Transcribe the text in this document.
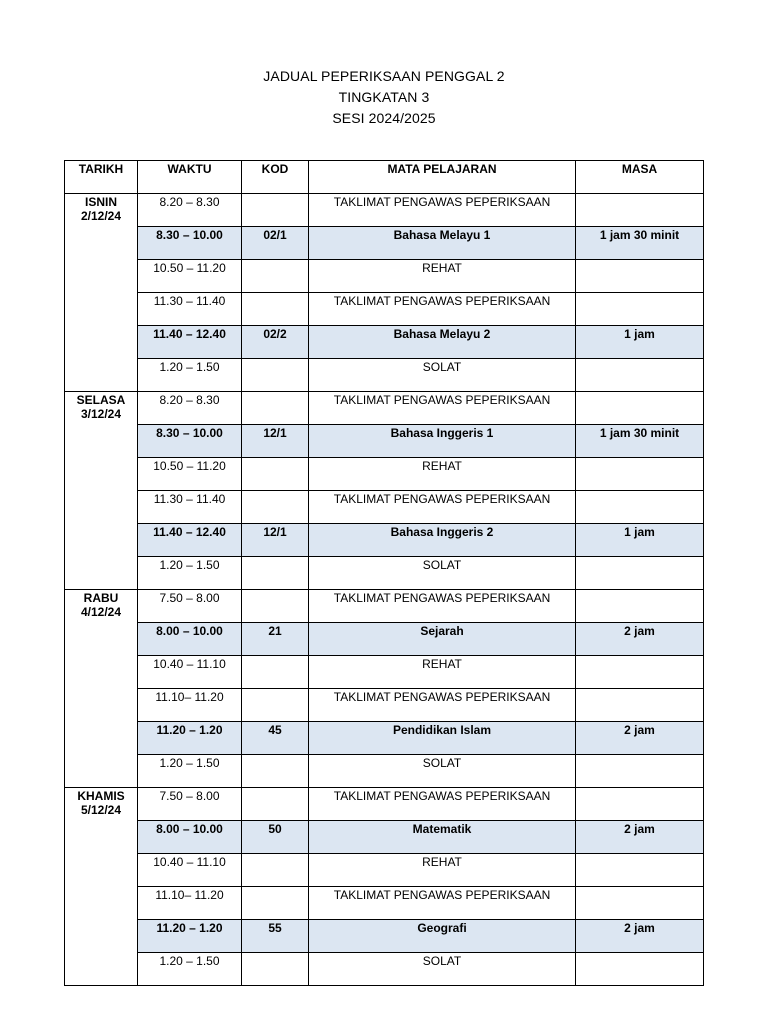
JADUAL PEPERIKSAAN PENGGAL 2
TINGKATAN 3
SESI 2024/2025
TARIKH	WAKTU	KOD	MATA PELAJARAN	MASA

ISNIN
2/12/24	8.20 – 8.30		TAKLIMAT PENGAWAS PEPERIKSAAN	
	8.30 – 10.00	02/1	Bahasa Melayu 1	1 jam 30 minit
	10.50 – 11.20		REHAT	
	11.30 – 11.40		TAKLIMAT PENGAWAS PEPERIKSAAN	
	11.40 – 12.40	02/2	Bahasa Melayu 2	1 jam
	1.20 – 1.50		SOLAT	

SELASA
3/12/24	8.20 – 8.30		TAKLIMAT PENGAWAS PEPERIKSAAN	
	8.30 – 10.00	12/1	Bahasa Inggeris 1	1 jam 30 minit
	10.50 – 11.20		REHAT	
	11.30 – 11.40		TAKLIMAT PENGAWAS PEPERIKSAAN	
	11.40 – 12.40	12/1	Bahasa Inggeris 2	1 jam
	1.20 – 1.50		SOLAT	

RABU
4/12/24	7.50 – 8.00		TAKLIMAT PENGAWAS PEPERIKSAAN	
	8.00 – 10.00	21	Sejarah	2 jam
	10.40 – 11.10		REHAT	
	11.10– 11.20		TAKLIMAT PENGAWAS PEPERIKSAAN	
	11.20 – 1.20	45	Pendidikan Islam	2 jam
	1.20 – 1.50		SOLAT	

KHAMIS
5/12/24	7.50 – 8.00		TAKLIMAT PENGAWAS PEPERIKSAAN	
	8.00 – 10.00	50	Matematik	2 jam
	10.40 – 11.10		REHAT	
	11.10– 11.20		TAKLIMAT PENGAWAS PEPERIKSAAN	
	11.20 – 1.20	55	Geografi	2 jam
	1.20 – 1.50		SOLAT	
